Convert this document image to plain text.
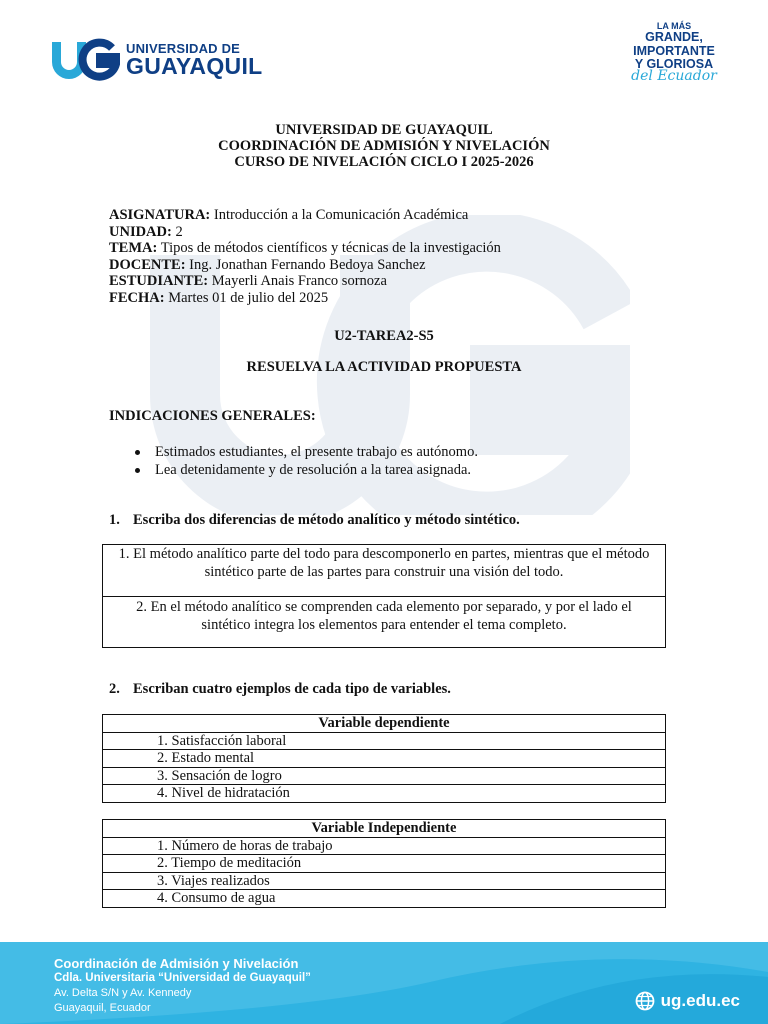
UNIVERSIDAD DE
GUAYAQUIL
LA MÁS
GRANDE,
IMPORTANTE
Y GLORIOSA
del Ecuador
UNIVERSIDAD DE GUAYAQUIL
COORDINACIÓN DE ADMISIÓN Y NIVELACIÓN
CURSO DE NIVELACIÓN CICLO I 2025-2026
ASIGNATURA: Introducción a la Comunicación Académica
UNIDAD: 2
TEMA: Tipos de métodos científicos y técnicas de la investigación
DOCENTE: Ing. Jonathan Fernando Bedoya Sanchez
ESTUDIANTE: Mayerli Anais Franco sornoza
FECHA: Martes 01 de julio del 2025
U2-TAREA2-S5
RESUELVA LA ACTIVIDAD PROPUESTA
INDICACIONES GENERALES:
Estimados estudiantes, el presente trabajo es autónomo.
Lea detenidamente y de resolución a la tarea asignada.
1. Escriba dos diferencias de método analítico y método sintético.
1. El método analítico parte del todo para descomponerlo en partes, mientras que el método sintético parte de las partes para construir una visión del todo.
2. En el método analítico se comprenden cada elemento por separado, y por el lado el sintético integra los elementos para entender el tema completo.
2. Escriban cuatro ejemplos de cada tipo de variables.
Variable dependiente
1. Satisfacción laboral
2. Estado mental
3. Sensación de logro
4. Nivel de hidratación
Variable Independiente
1. Número de horas de trabajo
2. Tiempo de meditación
3. Viajes realizados
4. Consumo de agua
Coordinación de Admisión y Nivelación
Cdla. Universitaria “Universidad de Guayaquil”
Av. Delta S/N y Av. Kennedy
Guayaquil, Ecuador	ug.edu.ec
